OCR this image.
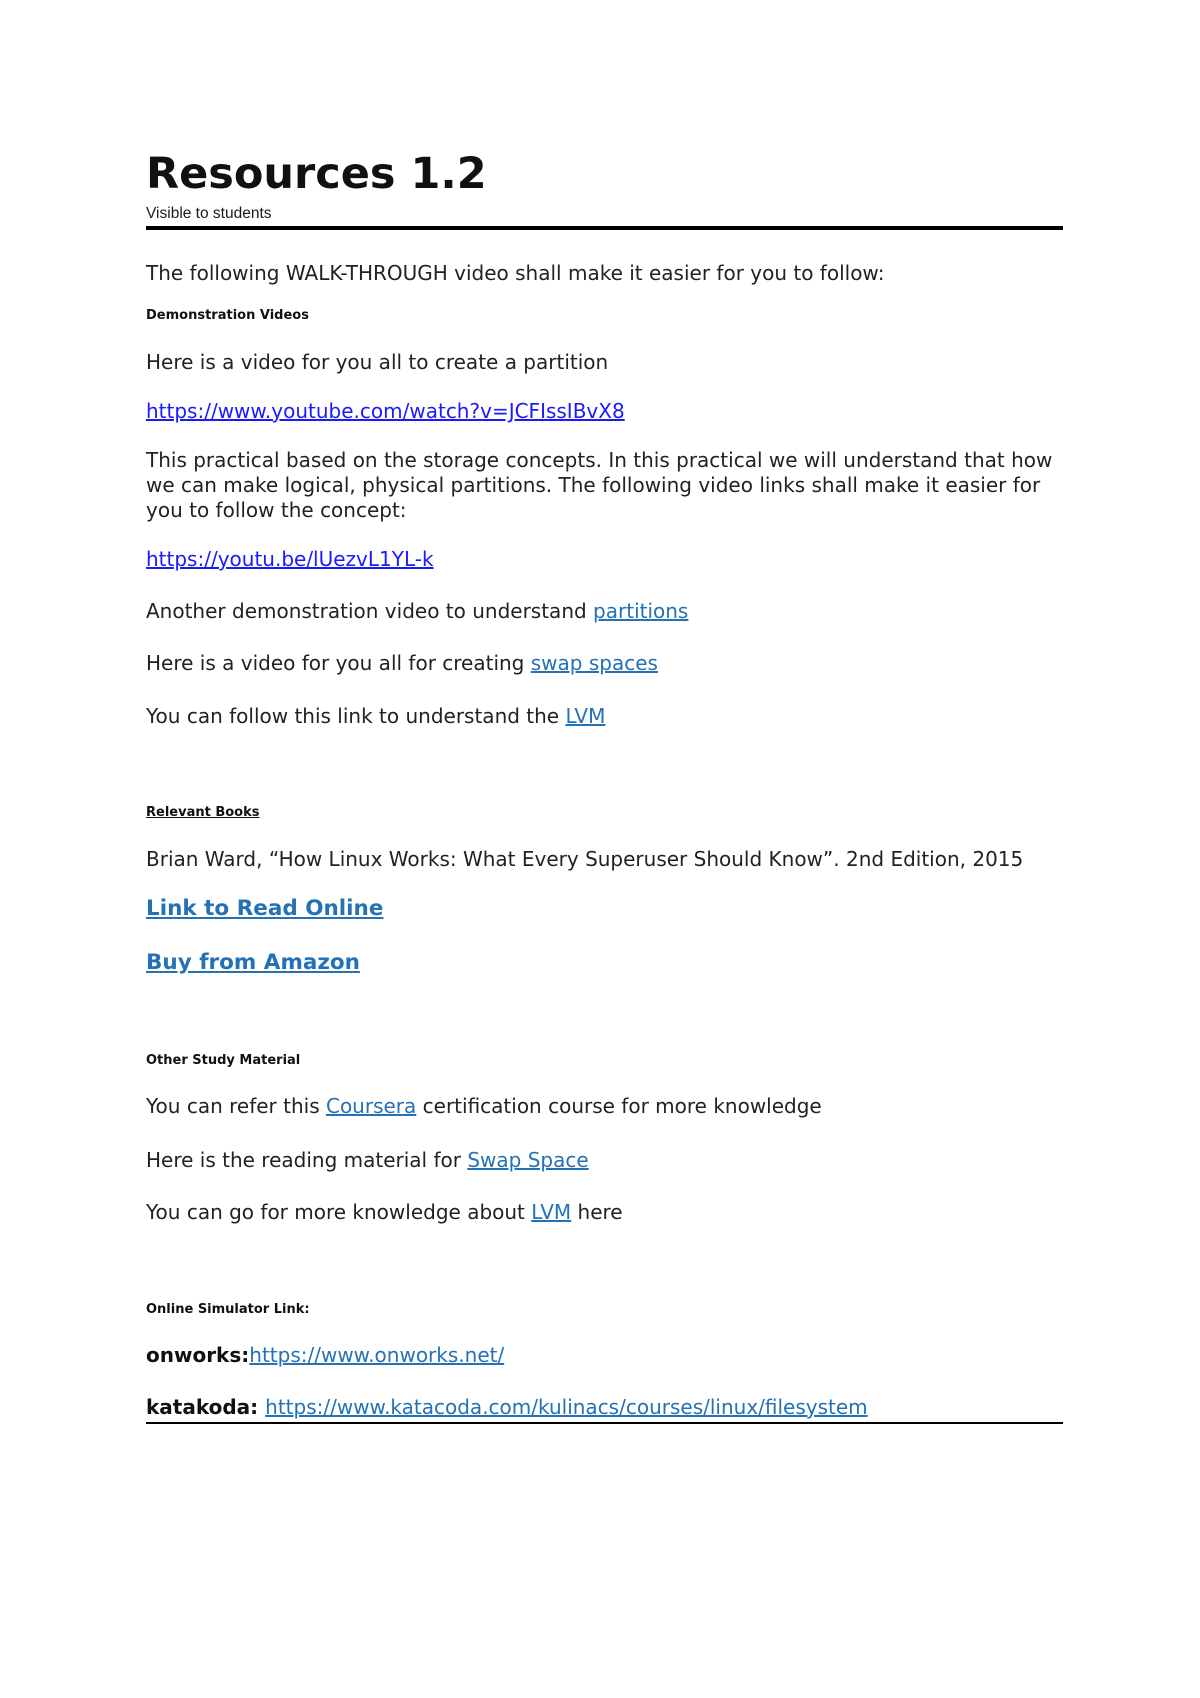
Resources 1.2
Visible to students

The following WALK-THROUGH video shall make it easier for you to follow:

Demonstration Videos

Here is a video for you all to create a partition

https://www.youtube.com/watch?v=JCFIssIBvX8

This practical based on the storage concepts. In this practical we will understand that how we can make logical, physical partitions. The following video links shall make it easier for you to follow the concept:

https://youtu.be/lUezvL1YL-k

Another demonstration video to understand partitions

Here is a video for you all for creating swap spaces

You can follow this link to understand the LVM

Relevant Books

Brian Ward, “How Linux Works: What Every Superuser Should Know”. 2nd Edition, 2015

Link to Read Online

Buy from Amazon

Other Study Material

You can refer this Coursera certification course for more knowledge

Here is the reading material for Swap Space

You can go for more knowledge about LVM here

Online Simulator Link:

onworks:https://www.onworks.net/

katakoda: https://www.katacoda.com/kulinacs/courses/linux/filesystem
